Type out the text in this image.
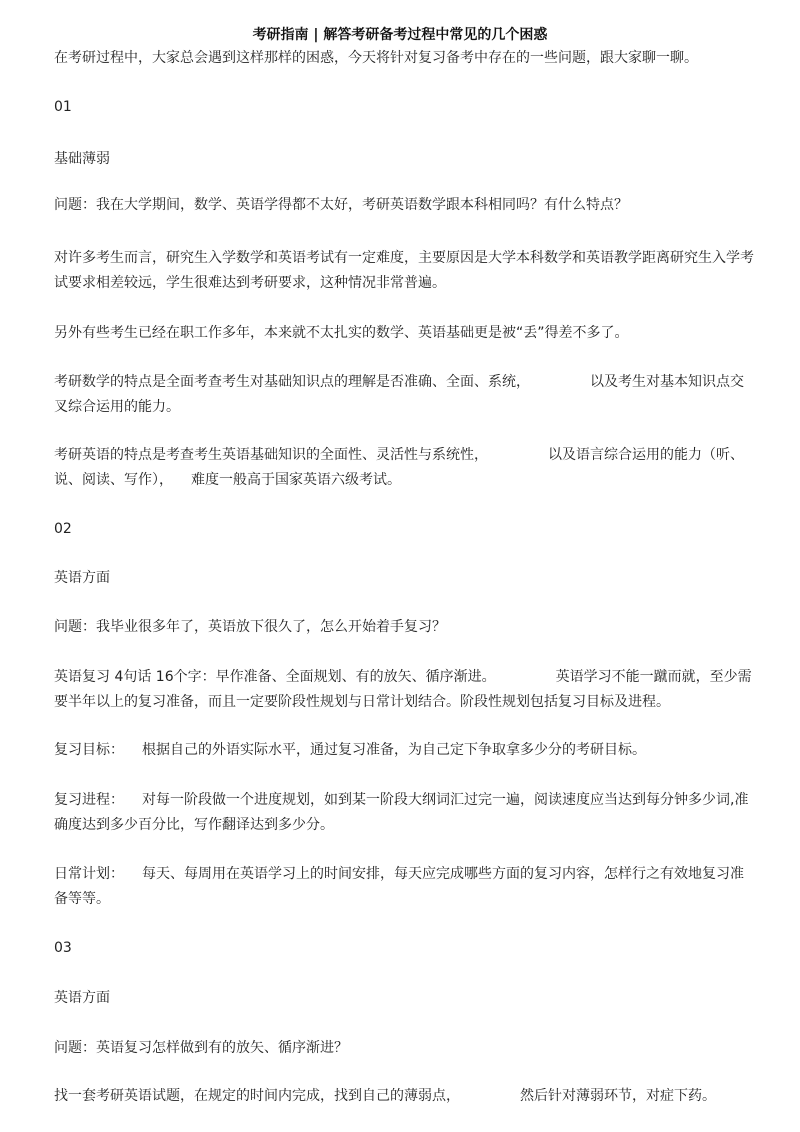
考研指南 | 解答考研备考过程中常见的几个困惑
在考研过程中，大家总会遇到这样那样的困惑，今天将针对复习备考中存在的一些问题，跟大家聊一聊。
01
基础薄弱
问题：我在大学期间，数学、英语学得都不太好，考研英语数学跟本科相同吗？有什么特点？
对许多考生而言，研究生入学数学和英语考试有一定难度，主要原因是大学本科数学和英语教学距离研究生入学考试要求相差较远，学生很难达到考研要求，这种情况非常普遍。
另外有些考生已经在职工作多年，本来就不太扎实的数学、英语基础更是被“丢”得差不多了。
考研数学的特点是全面考查考生对基础知识点的理解是否准确、全面、系统，	以及考生对基本知识点交叉综合运用的能力。
考研英语的特点是考查考生英语基础知识的全面性、灵活性与系统性，	以及语言综合运用的能力（听、说、阅读、写作）， 难度一般高于国家英语六级考试。
02
英语方面
问题：我毕业很多年了，英语放下很久了，怎么开始着手复习？
英语复习 4句话 16个字：早作准备、全面规划、有的放矢、循序渐进。	英语学习不能一蹴而就，至少需要半年以上的复习准备，而且一定要阶段性规划与日常计划结合。阶段性规划包括复习目标及进程。
复习目标： 根据自己的外语实际水平，通过复习准备，为自己定下争取拿多少分的考研目标。
复习进程： 对每一阶段做一个进度规划，如到某一阶段大纲词汇过完一遍，阅读速度应当达到每分钟多少词,准确度达到多少百分比，写作翻译达到多少分。
日常计划： 每天、每周用在英语学习上的时间安排，每天应完成哪些方面的复习内容，怎样行之有效地复习准备等等。
03
英语方面
问题：英语复习怎样做到有的放矢、循序渐进？
找一套考研英语试题，在规定的时间内完成，找到自己的薄弱点，	然后针对薄弱环节，对症下药。
